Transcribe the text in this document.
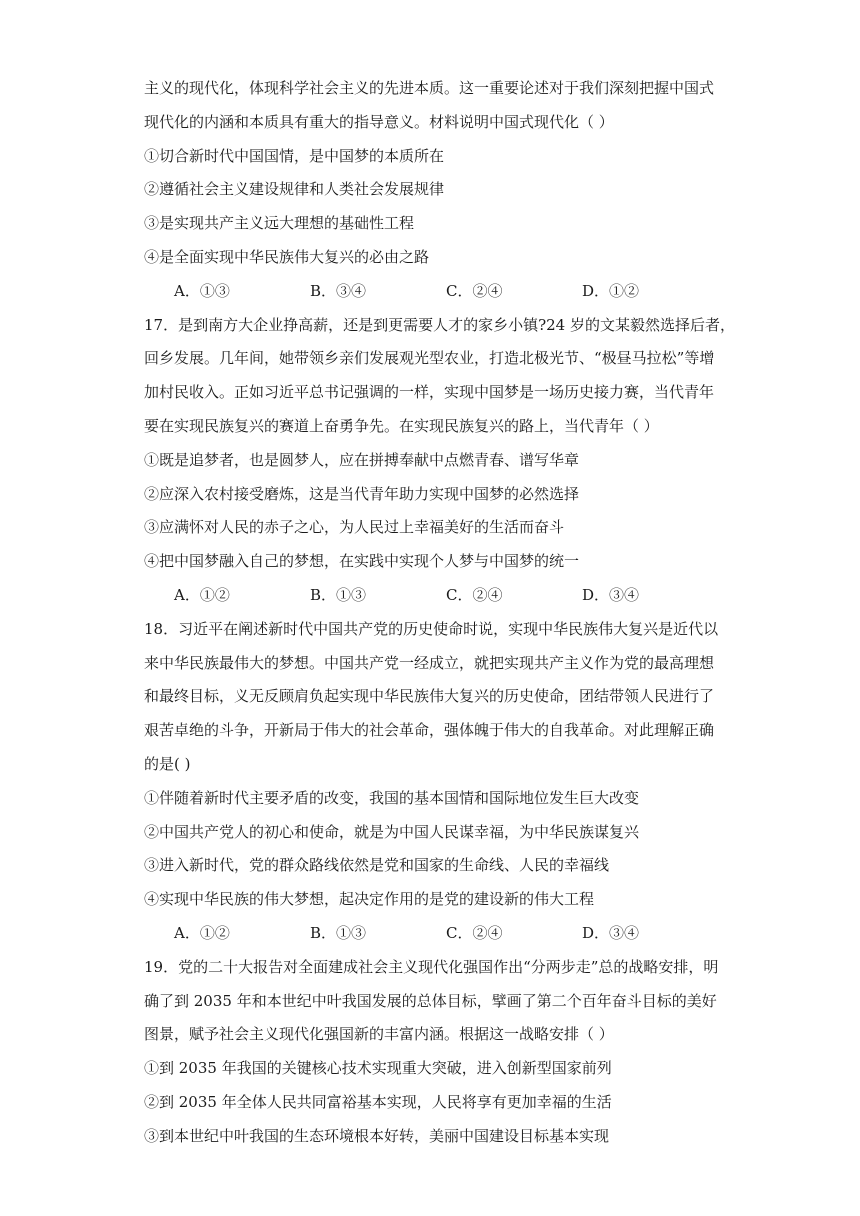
主义的现代化，体现科学社会主义的先进本质。这一重要论述对于我们深刻把握中国式
现代化的内涵和本质具有重大的指导意义。材料说明中国式现代化（ ）
①切合新时代中国国情，是中国梦的本质所在
②遵循社会主义建设规律和人类社会发展规律
③是实现共产主义远大理想的基础性工程
④是全面实现中华民族伟大复兴的必由之路
A．①③	B．③④	C．②④	D．①②
17．是到南方大企业挣高薪，还是到更需要人才的家乡小镇?24 岁的文某毅然选择后者，
回乡发展。几年间，她带领乡亲们发展观光型农业，打造北极光节、“极昼马拉松”等增
加村民收入。正如习近平总书记强调的一样，实现中国梦是一场历史接力赛，当代青年
要在实现民族复兴的赛道上奋勇争先。在实现民族复兴的路上，当代青年（ ）
①既是追梦者，也是圆梦人，应在拼搏奉献中点燃青春、谱写华章
②应深入农村接受磨炼，这是当代青年助力实现中国梦的必然选择
③应满怀对人民的赤子之心，为人民过上幸福美好的生活而奋斗
④把中国梦融入自己的梦想，在实践中实现个人梦与中国梦的统一
A．①②	B．①③	C．②④	D．③④
18．习近平在阐述新时代中国共产党的历史使命时说，实现中华民族伟大复兴是近代以
来中华民族最伟大的梦想。中国共产党一经成立，就把实现共产主义作为党的最高理想
和最终目标，义无反顾肩负起实现中华民族伟大复兴的历史使命，团结带领人民进行了
艰苦卓绝的斗争，开新局于伟大的社会革命，强体魄于伟大的自我革命。对此理解正确
的是( )
①伴随着新时代主要矛盾的改变，我国的基本国情和国际地位发生巨大改变
②中国共产党人的初心和使命，就是为中国人民谋幸福，为中华民族谋复兴
③进入新时代，党的群众路线依然是党和国家的生命线、人民的幸福线
④实现中华民族的伟大梦想，起决定作用的是党的建设新的伟大工程
A．①②	B．①③	C．②④	D．③④
19．党的二十大报告对全面建成社会主义现代化强国作出“分两步走”总的战略安排，明
确了到 2035 年和本世纪中叶我国发展的总体目标，擘画了第二个百年奋斗目标的美好
图景，赋予社会主义现代化强国新的丰富内涵。根据这一战略安排（ ）
①到 2035 年我国的关键核心技术实现重大突破，进入创新型国家前列
②到 2035 年全体人民共同富裕基本实现，人民将享有更加幸福的生活
③到本世纪中叶我国的生态环境根本好转，美丽中国建设目标基本实现
